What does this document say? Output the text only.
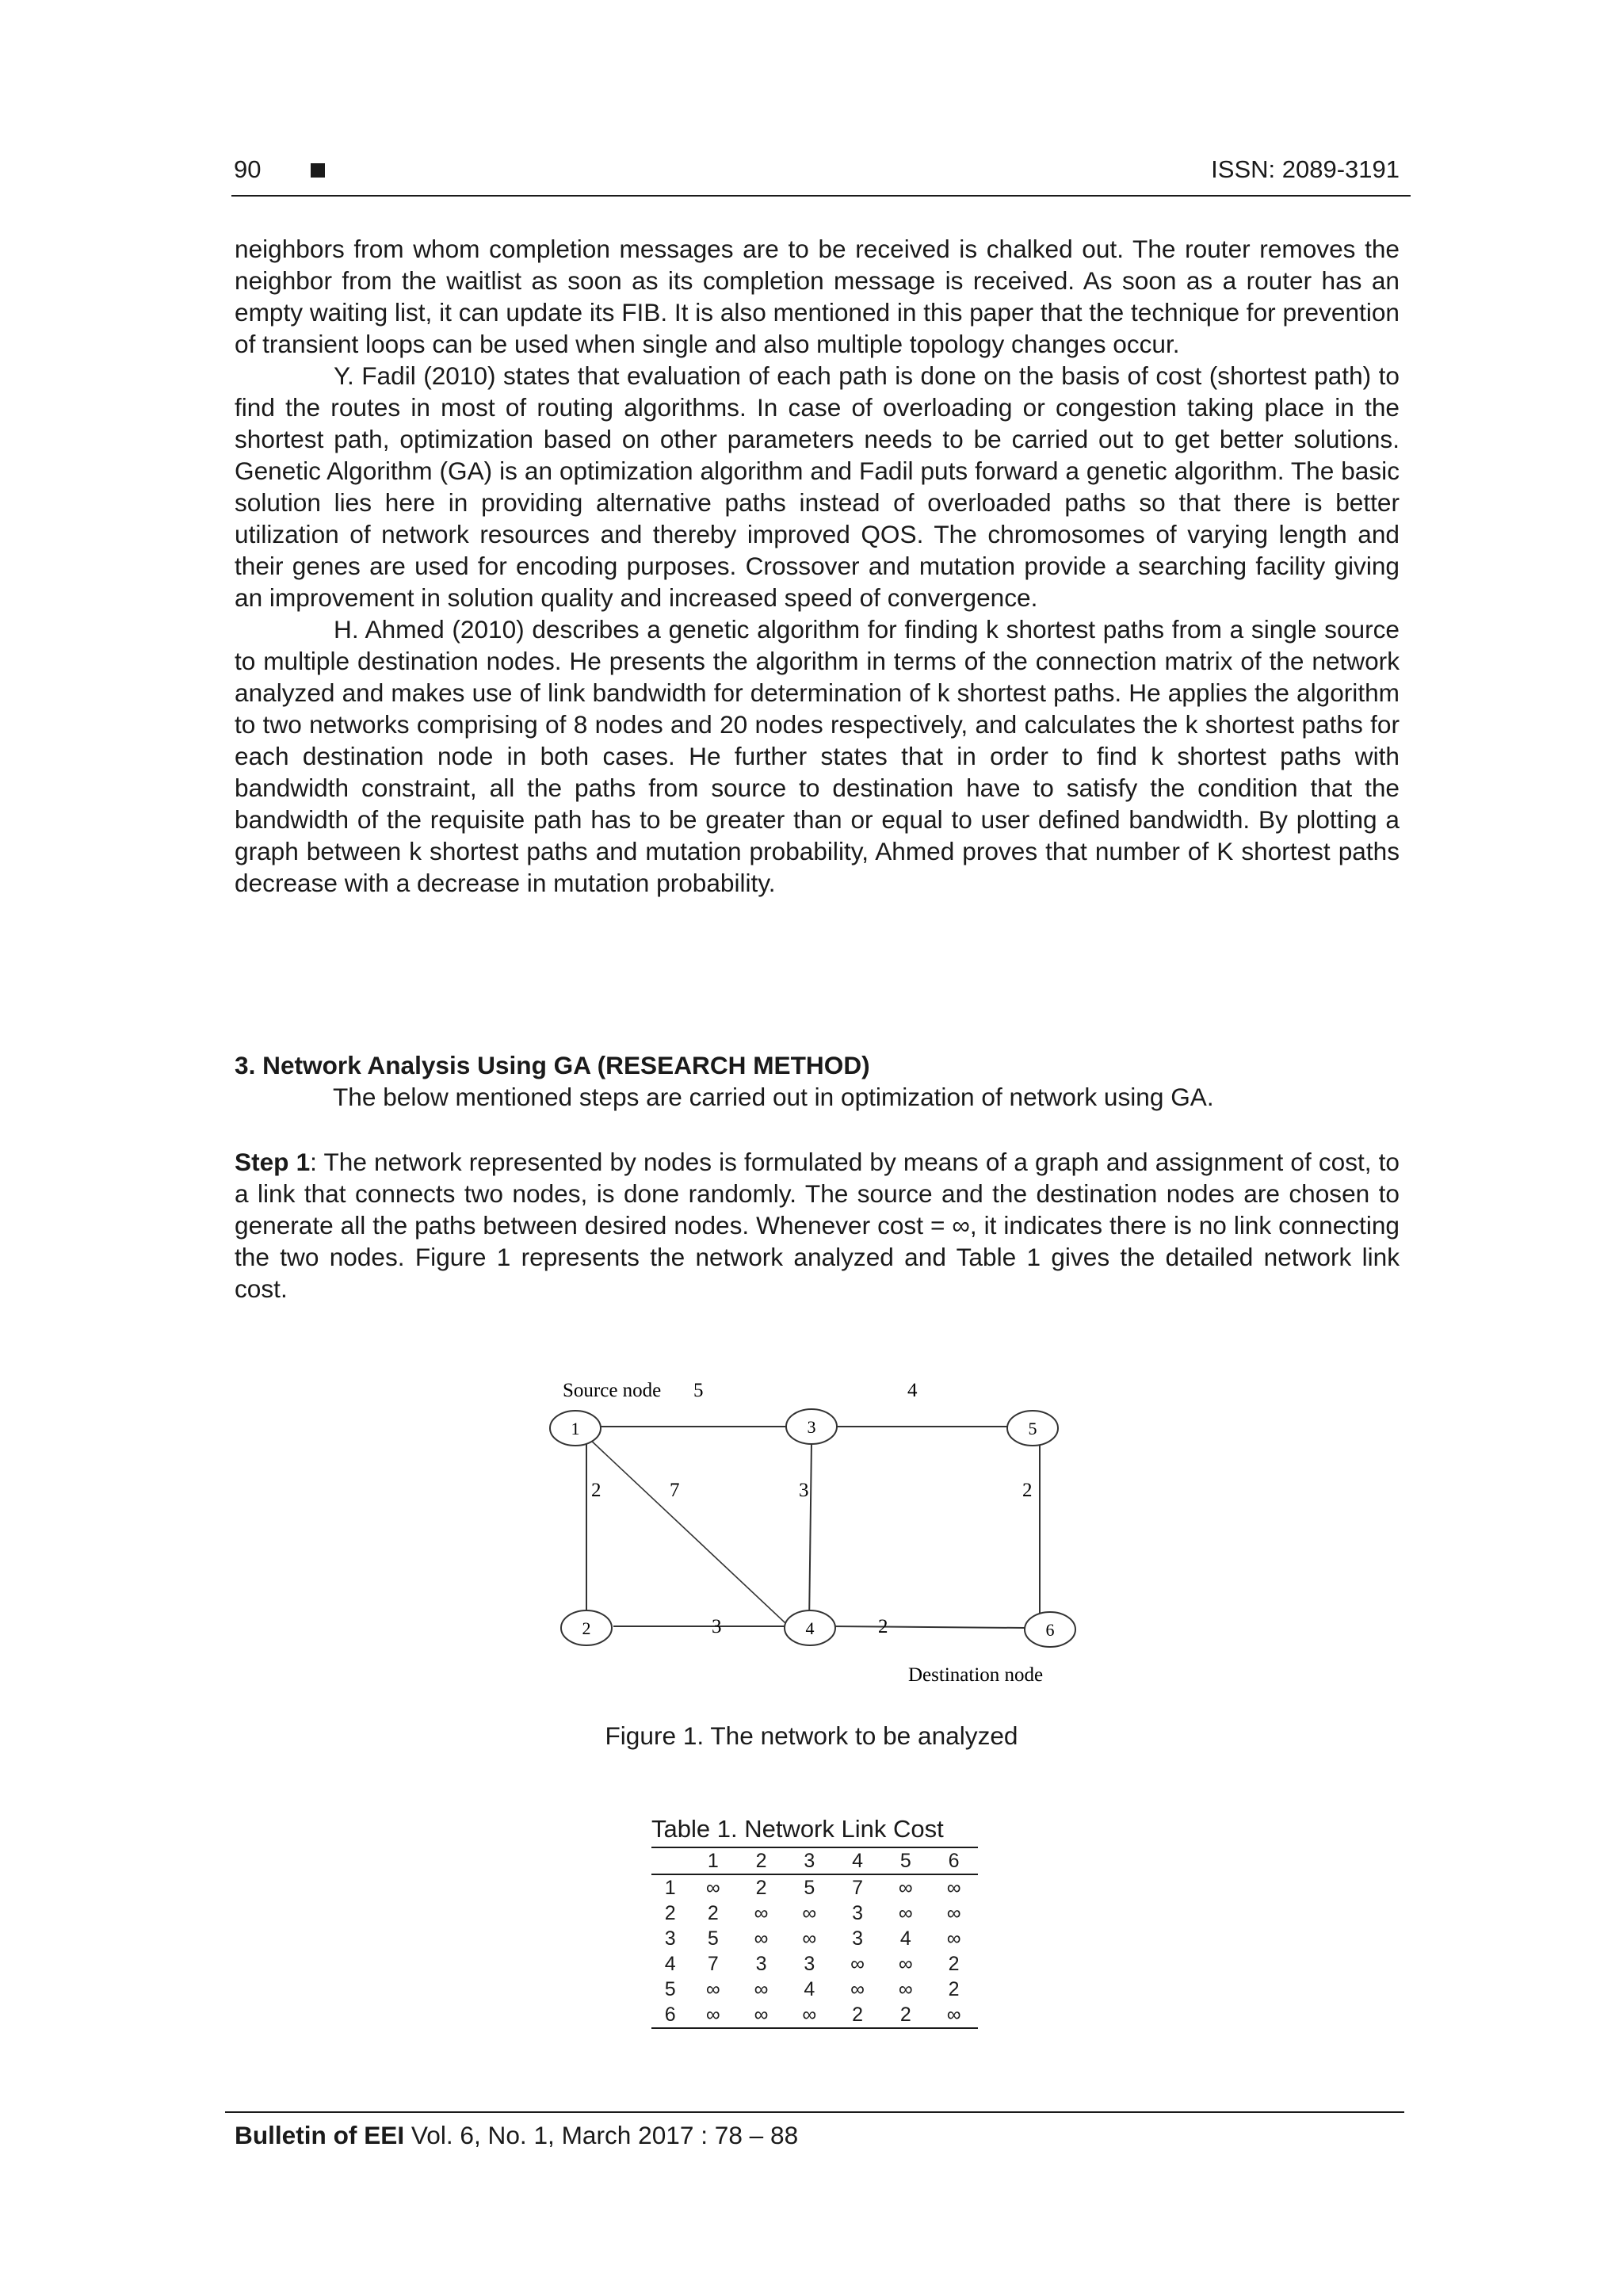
90	ISSN: 2089-3191

neighbors from whom completion messages are to be received is chalked out. The router removes the neighbor from the waitlist as soon as its completion message is received. As soon as a router has an empty waiting list, it can update its FIB. It is also mentioned in this paper that the technique for prevention of transient loops can be used when single and also multiple topology changes occur.

Y. Fadil (2010) states that evaluation of each path is done on the basis of cost (shortest path) to find the routes in most of routing algorithms. In case of overloading or congestion taking place in the shortest path, optimization based on other parameters needs to be carried out to get better solutions. Genetic Algorithm (GA) is an optimization algorithm and Fadil puts forward a genetic algorithm. The basic solution lies here in providing alternative paths instead of overloaded paths so that there is better utilization of network resources and thereby improved QOS. The chromosomes of varying length and their genes are used for encoding purposes. Crossover and mutation provide a searching facility giving an improvement in solution quality and increased speed of convergence.

H. Ahmed (2010) describes a genetic algorithm for finding k shortest paths from a single source to multiple destination nodes. He presents the algorithm in terms of the connection matrix of the network analyzed and makes use of link bandwidth for determination of k shortest paths. He applies the algorithm to two networks comprising of 8 nodes and 20 nodes respectively, and calculates the k shortest paths for each destination node in both cases. He further states that in order to find k shortest paths with bandwidth constraint, all the paths from source to destination have to satisfy the condition that the bandwidth of the requisite path has to be greater than or equal to user defined bandwidth. By plotting a graph between k shortest paths and mutation probability, Ahmed proves that number of K shortest paths decrease with a decrease in mutation probability.

3. Network Analysis Using GA (RESEARCH METHOD)
The below mentioned steps are carried out in optimization of network using GA.
Step 1: The network represented by nodes is formulated by means of a graph and assignment of cost, to a link that connects two nodes, is done randomly. The source and the destination nodes are chosen to generate all the paths between desired nodes. Whenever cost = ∞, it indicates there is no link connecting the two nodes. Figure 1 represents the network analyzed and Table 1 gives the detailed network link cost.
1	3	5
2	4	6
Source node 5	4
2	7	3	2
3	2
Destination node
Figure 1. The network to be analyzed
Table 1. Network Link Cost
	1	2	3	4	5	6
1	∞	2	5	7	∞	∞
2	2	∞	∞	3	∞	∞
3	5	∞	∞	3	4	∞
4	7	3	3	∞	∞	2
5	∞	∞	4	∞	∞	2
6	∞	∞	∞	2	2	∞
Bulletin of EEI Vol. 6, No. 1, March 2017 : 78 – 88
